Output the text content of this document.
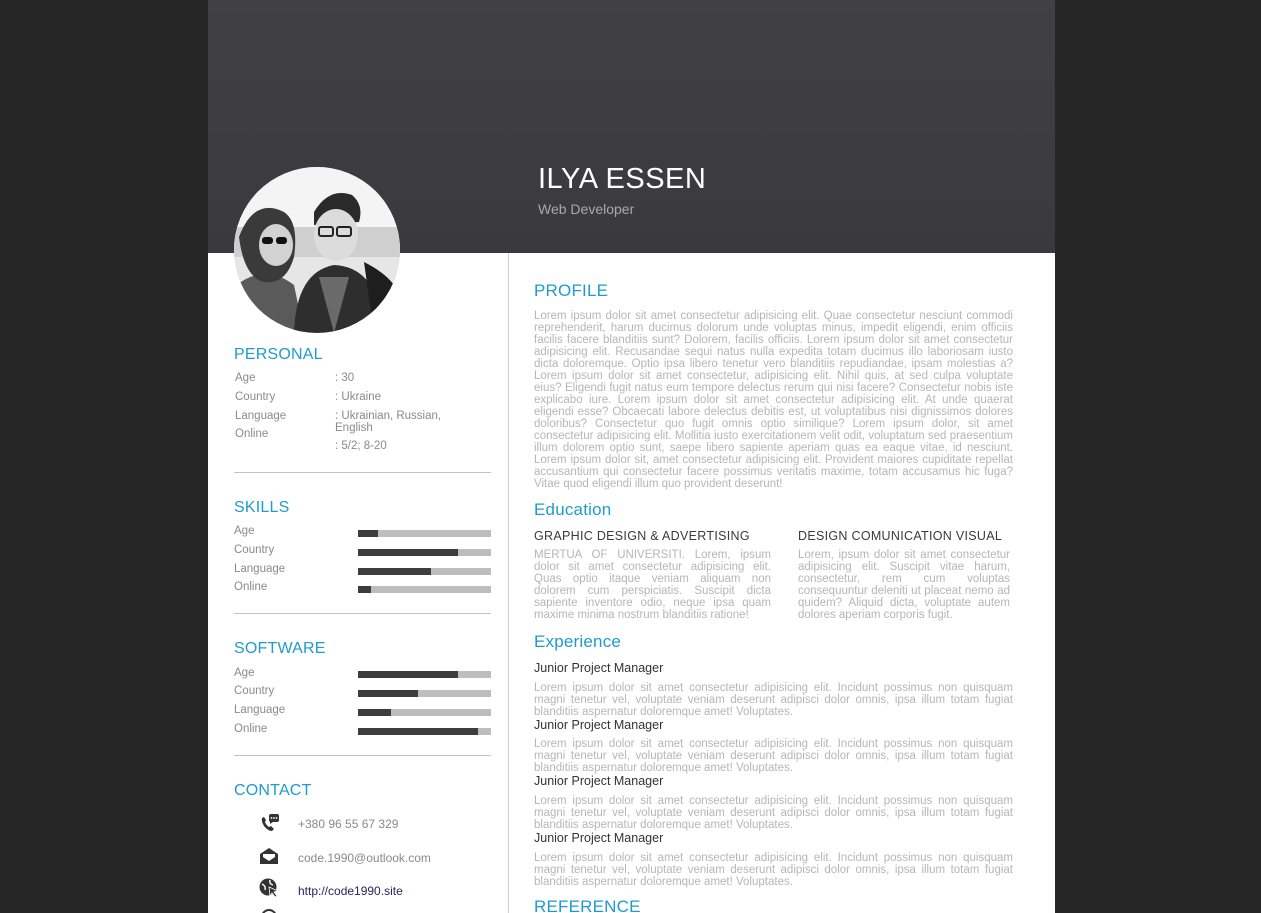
ILYA ESSEN
Web Developer
PERSONAL
Age	: 30
Country	: Ukraine
Language	: Ukrainian, Russian, English
Online
: 5/2; 8-20
SKILLS
Age
Country
Language
Online
SOFTWARE
Age
Country
Language
Online
CONTACT
+380 96 55 67 329
code.1990@outlook.com
http://code1990.site
PROFILE
Lorem ipsum dolor sit amet consectetur adipisicing elit. Quae consectetur nesciunt commodi reprehenderit, harum ducimus dolorum unde voluptas minus, impedit eligendi, enim officiis facilis facere blanditiis sunt? Dolorem, facilis officiis. Lorem ipsum dolor sit amet consectetur adipisicing elit. Recusandae sequi natus nulla expedita totam ducimus illo laboriosam iusto dicta doloremque. Optio ipsa libero tenetur vero blanditiis repudiandae, ipsam molestias a? Lorem ipsum dolor sit amet consectetur, adipisicing elit. Nihil quis, at sed culpa voluptate eius? Eligendi fugit natus eum tempore delectus rerum qui nisi facere? Consectetur nobis iste explicabo iure. Lorem ipsum dolor sit amet consectetur adipisicing elit. At unde quaerat eligendi esse? Obcaecati labore delectus debitis est, ut voluptatibus nisi dignissimos dolores doloribus? Consectetur quo fugit omnis optio similique? Lorem ipsum dolor, sit amet consectetur adipisicing elit. Mollitia iusto exercitationem velit odit, voluptatum sed praesentium illum dolorem optio sunt, saepe libero sapiente aperiam quas ea eaque vitae, id nesciunt. Lorem ipsum dolor sit, amet consectetur adipisicing elit. Provident maiores cupiditate repellat accusantium qui consectetur facere possimus veritatis maxime, totam accusamus hic fuga? Vitae quod eligendi illum quo provident deserunt!
Education
GRAPHIC DESIGN & ADVERTISING
MERTUA OF UNIVERSITI. Lorem, ipsum dolor sit amet consectetur adipisicing elit. Quas optio itaque veniam aliquam non dolorem cum perspiciatis. Suscipit dicta sapiente inventore odio, neque ipsa quam maxime minima nostrum blanditiis ratione!
DESIGN COMUNICATION VISUAL
Lorem, ipsum dolor sit amet consectetur adipisicing elit. Suscipit vitae harum, consectetur, rem cum voluptas consequuntur deleniti ut placeat nemo ad quidem? Aliquid dicta, voluptate autem dolores aperiam corporis fugit.
Experience
Junior Project Manager
Lorem ipsum dolor sit amet consectetur adipisicing elit. Incidunt possimus non quisquam magni tenetur vel, voluptate veniam deserunt adipisci dolor omnis, ipsa illum totam fugiat blanditiis aspernatur doloremque amet! Voluptates.
Junior Project Manager
Lorem ipsum dolor sit amet consectetur adipisicing elit. Incidunt possimus non quisquam magni tenetur vel, voluptate veniam deserunt adipisci dolor omnis, ipsa illum totam fugiat blanditiis aspernatur doloremque amet! Voluptates.
Junior Project Manager
Lorem ipsum dolor sit amet consectetur adipisicing elit. Incidunt possimus non quisquam magni tenetur vel, voluptate veniam deserunt adipisci dolor omnis, ipsa illum totam fugiat blanditiis aspernatur doloremque amet! Voluptates.
Junior Project Manager
Lorem ipsum dolor sit amet consectetur adipisicing elit. Incidunt possimus non quisquam magni tenetur vel, voluptate veniam deserunt adipisci dolor omnis, ipsa illum totam fugiat blanditiis aspernatur doloremque amet! Voluptates.
REFERENCE
